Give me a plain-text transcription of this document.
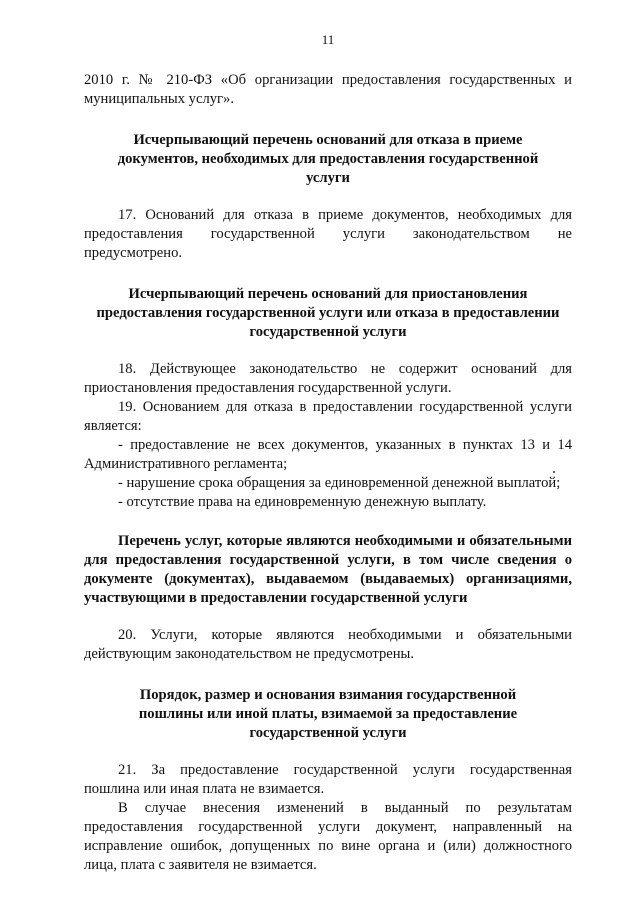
11

2010 г. № 210-ФЗ «Об организации предоставления государственных и муниципальных услуг».

Исчерпывающий перечень оснований для отказа в приеме документов, необходимых для предоставления государственной услуги

17. Оснований для отказа в приеме документов, необходимых для предоставления государственной услуги законодательством не предусмотрено.

Исчерпывающий перечень оснований для приостановления предоставления государственной услуги или отказа в предоставлении государственной услуги

18. Действующее законодательство не содержит оснований для приостановления предоставления государственной услуги.

19. Основанием для отказа в предоставлении государственной услуги является:

- предоставление не всех документов, указанных в пунктах 13 и 14 Административного регламента;

- нарушение срока обращения за единовременной денежной выплатой;

- отсутствие права на единовременную денежную выплату.

Перечень услуг, которые являются необходимыми и обязательными для предоставления государственной услуги, в том числе сведения о документе (документах), выдаваемом (выдаваемых) организациями, участвующими в предоставлении государственной услуги

20. Услуги, которые являются необходимыми и обязательными действующим законодательством не предусмотрены.

Порядок, размер и основания взимания государственной пошлины или иной платы, взимаемой за предоставление государственной услуги

21. За предоставление государственной услуги государственная пошлина или иная плата не взимается.

В случае внесения изменений в выданный по результатам предоставления государственной услуги документ, направленный на исправление ошибок, допущенных по вине органа и (или) должностного лица, плата с заявителя не взимается.
